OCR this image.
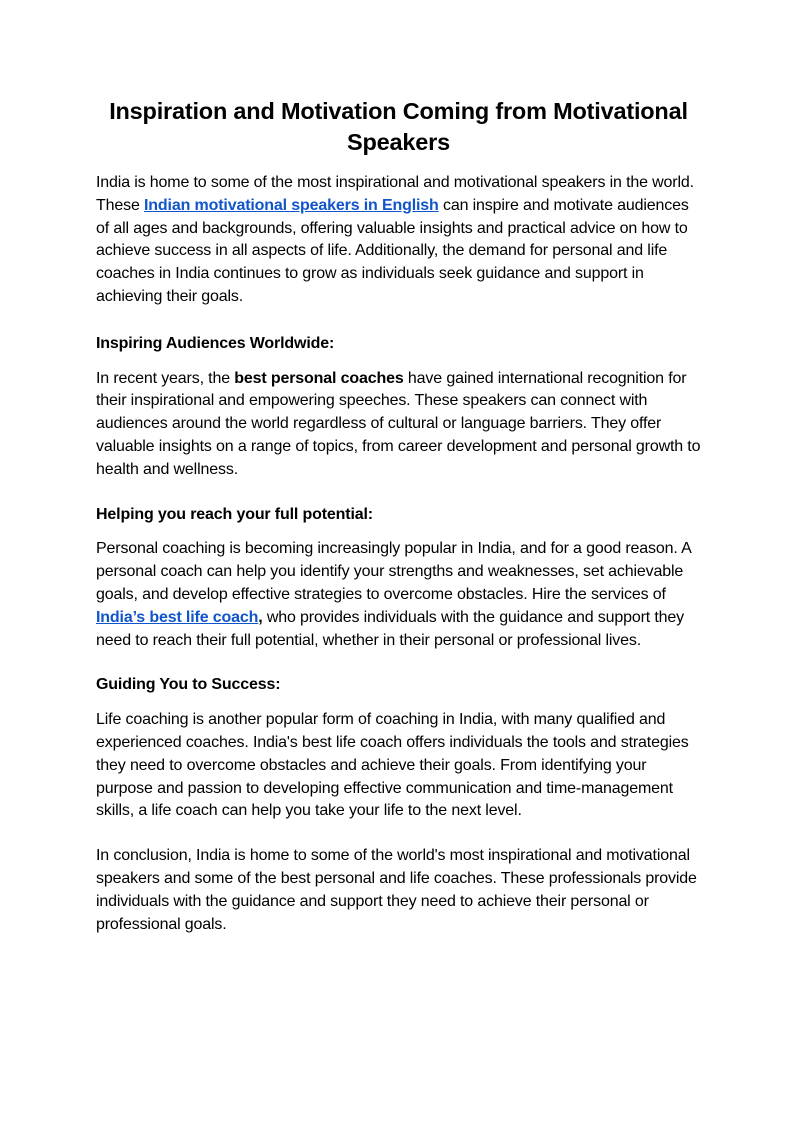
Inspiration and Motivation Coming from Motivational Speakers

India is home to some of the most inspirational and motivational speakers in the world. These Indian motivational speakers in English can inspire and motivate audiences of all ages and backgrounds, offering valuable insights and practical advice on how to achieve success in all aspects of life. Additionally, the demand for personal and life coaches in India continues to grow as individuals seek guidance and support in achieving their goals.

Inspiring Audiences Worldwide:

In recent years, the best personal coaches have gained international recognition for their inspirational and empowering speeches. These speakers can connect with audiences around the world regardless of cultural or language barriers. They offer valuable insights on a range of topics, from career development and personal growth to health and wellness.

Helping you reach your full potential:

Personal coaching is becoming increasingly popular in India, and for a good reason. A personal coach can help you identify your strengths and weaknesses, set achievable goals, and develop effective strategies to overcome obstacles. Hire the services of India’s best life coach, who provides individuals with the guidance and support they need to reach their full potential, whether in their personal or professional lives.

Guiding You to Success:

Life coaching is another popular form of coaching in India, with many qualified and experienced coaches. India's best life coach offers individuals the tools and strategies they need to overcome obstacles and achieve their goals. From identifying your purpose and passion to developing effective communication and time-management skills, a life coach can help you take your life to the next level.

In conclusion, India is home to some of the world's most inspirational and motivational speakers and some of the best personal and life coaches. These professionals provide individuals with the guidance and support they need to achieve their personal or professional goals.
